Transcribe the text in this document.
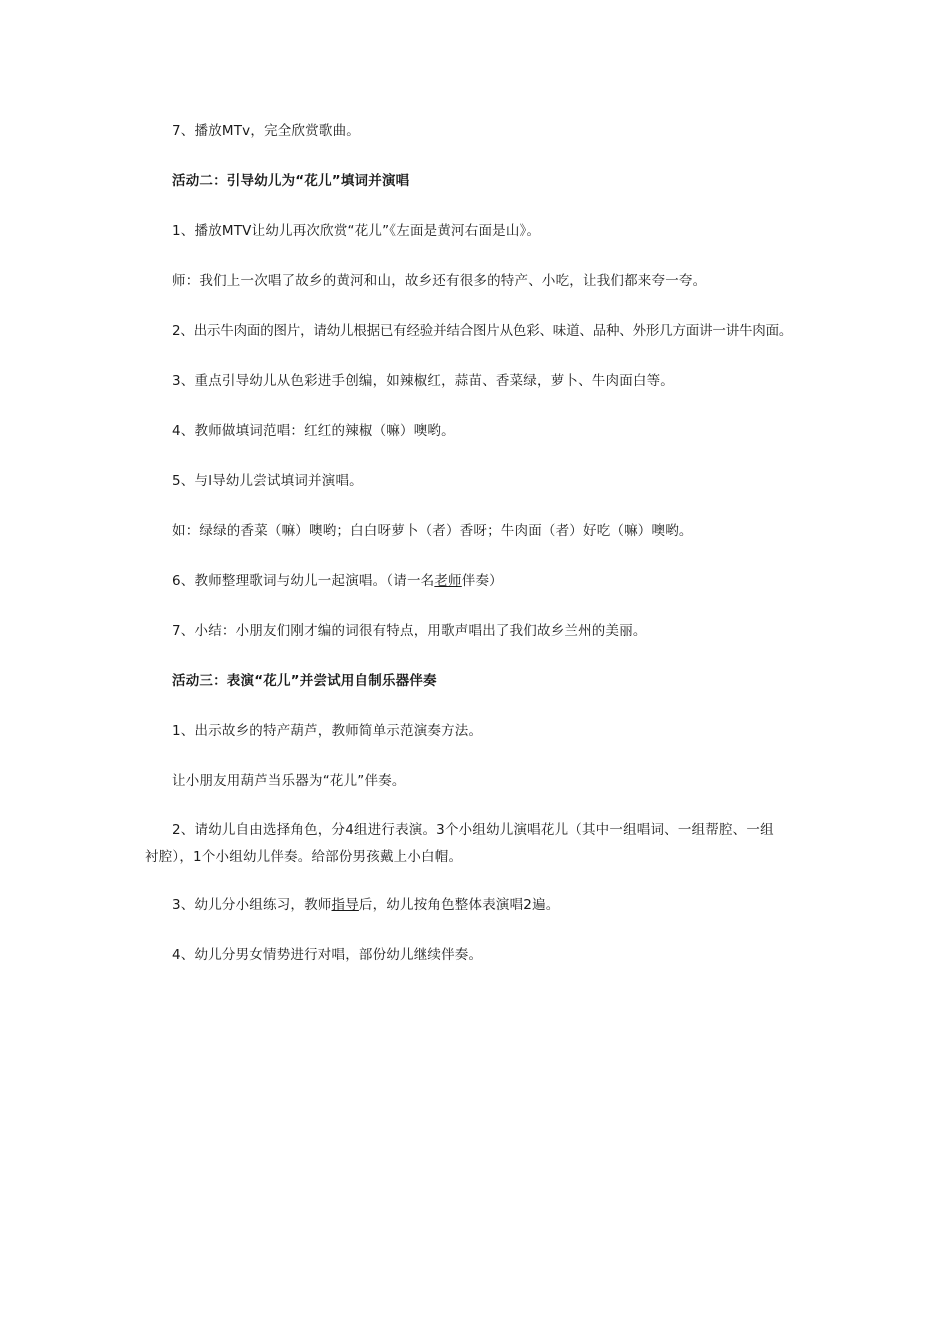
7、播放MTv，完全欣赏歌曲。
活动二：引导幼儿为“花儿”填词并演唱
1、播放MTV让幼儿再次欣赏“花儿”《左面是黄河右面是山》。
师：我们上一次唱了故乡的黄河和山，故乡还有很多的特产、小吃，让我们都来夸一夸。
2、出示牛肉面的图片，请幼儿根据已有经验并结合图片从色彩、味道、品种、外形几方面讲一讲牛肉面。
3、重点引导幼儿从色彩进手创编，如辣椒红，蒜苗、香菜绿，萝卜、牛肉面白等。
4、教师做填词范唱：红红的辣椒（嘛）噢哟。
5、与l导幼儿尝试填词并演唱。
如：绿绿的香菜（嘛）噢哟；白白呀萝卜（者）香呀；牛肉面（者）好吃（嘛）噢哟。
6、教师整理歌词与幼儿一起演唱。（请一名老师伴奏）
7、小结：小朋友们刚才编的词很有特点，用歌声唱出了我们故乡兰州的美丽。
活动三：表演“花儿”并尝试用自制乐器伴奏
1、出示故乡的特产葫芦，教师简单示范演奏方法。
让小朋友用葫芦当乐器为“花儿”伴奏。
2、请幼儿自由选择角色，分4组进行表演。3个小组幼儿演唱花儿（其中一组唱词、一组帮腔、一组衬腔），1个小组幼儿伴奏。给部份男孩戴上小白帽。
3、幼儿分小组练习，教师指导后，幼儿按角色整体表演唱2遍。
4、幼儿分男女情势进行对唱，部份幼儿继续伴奏。
